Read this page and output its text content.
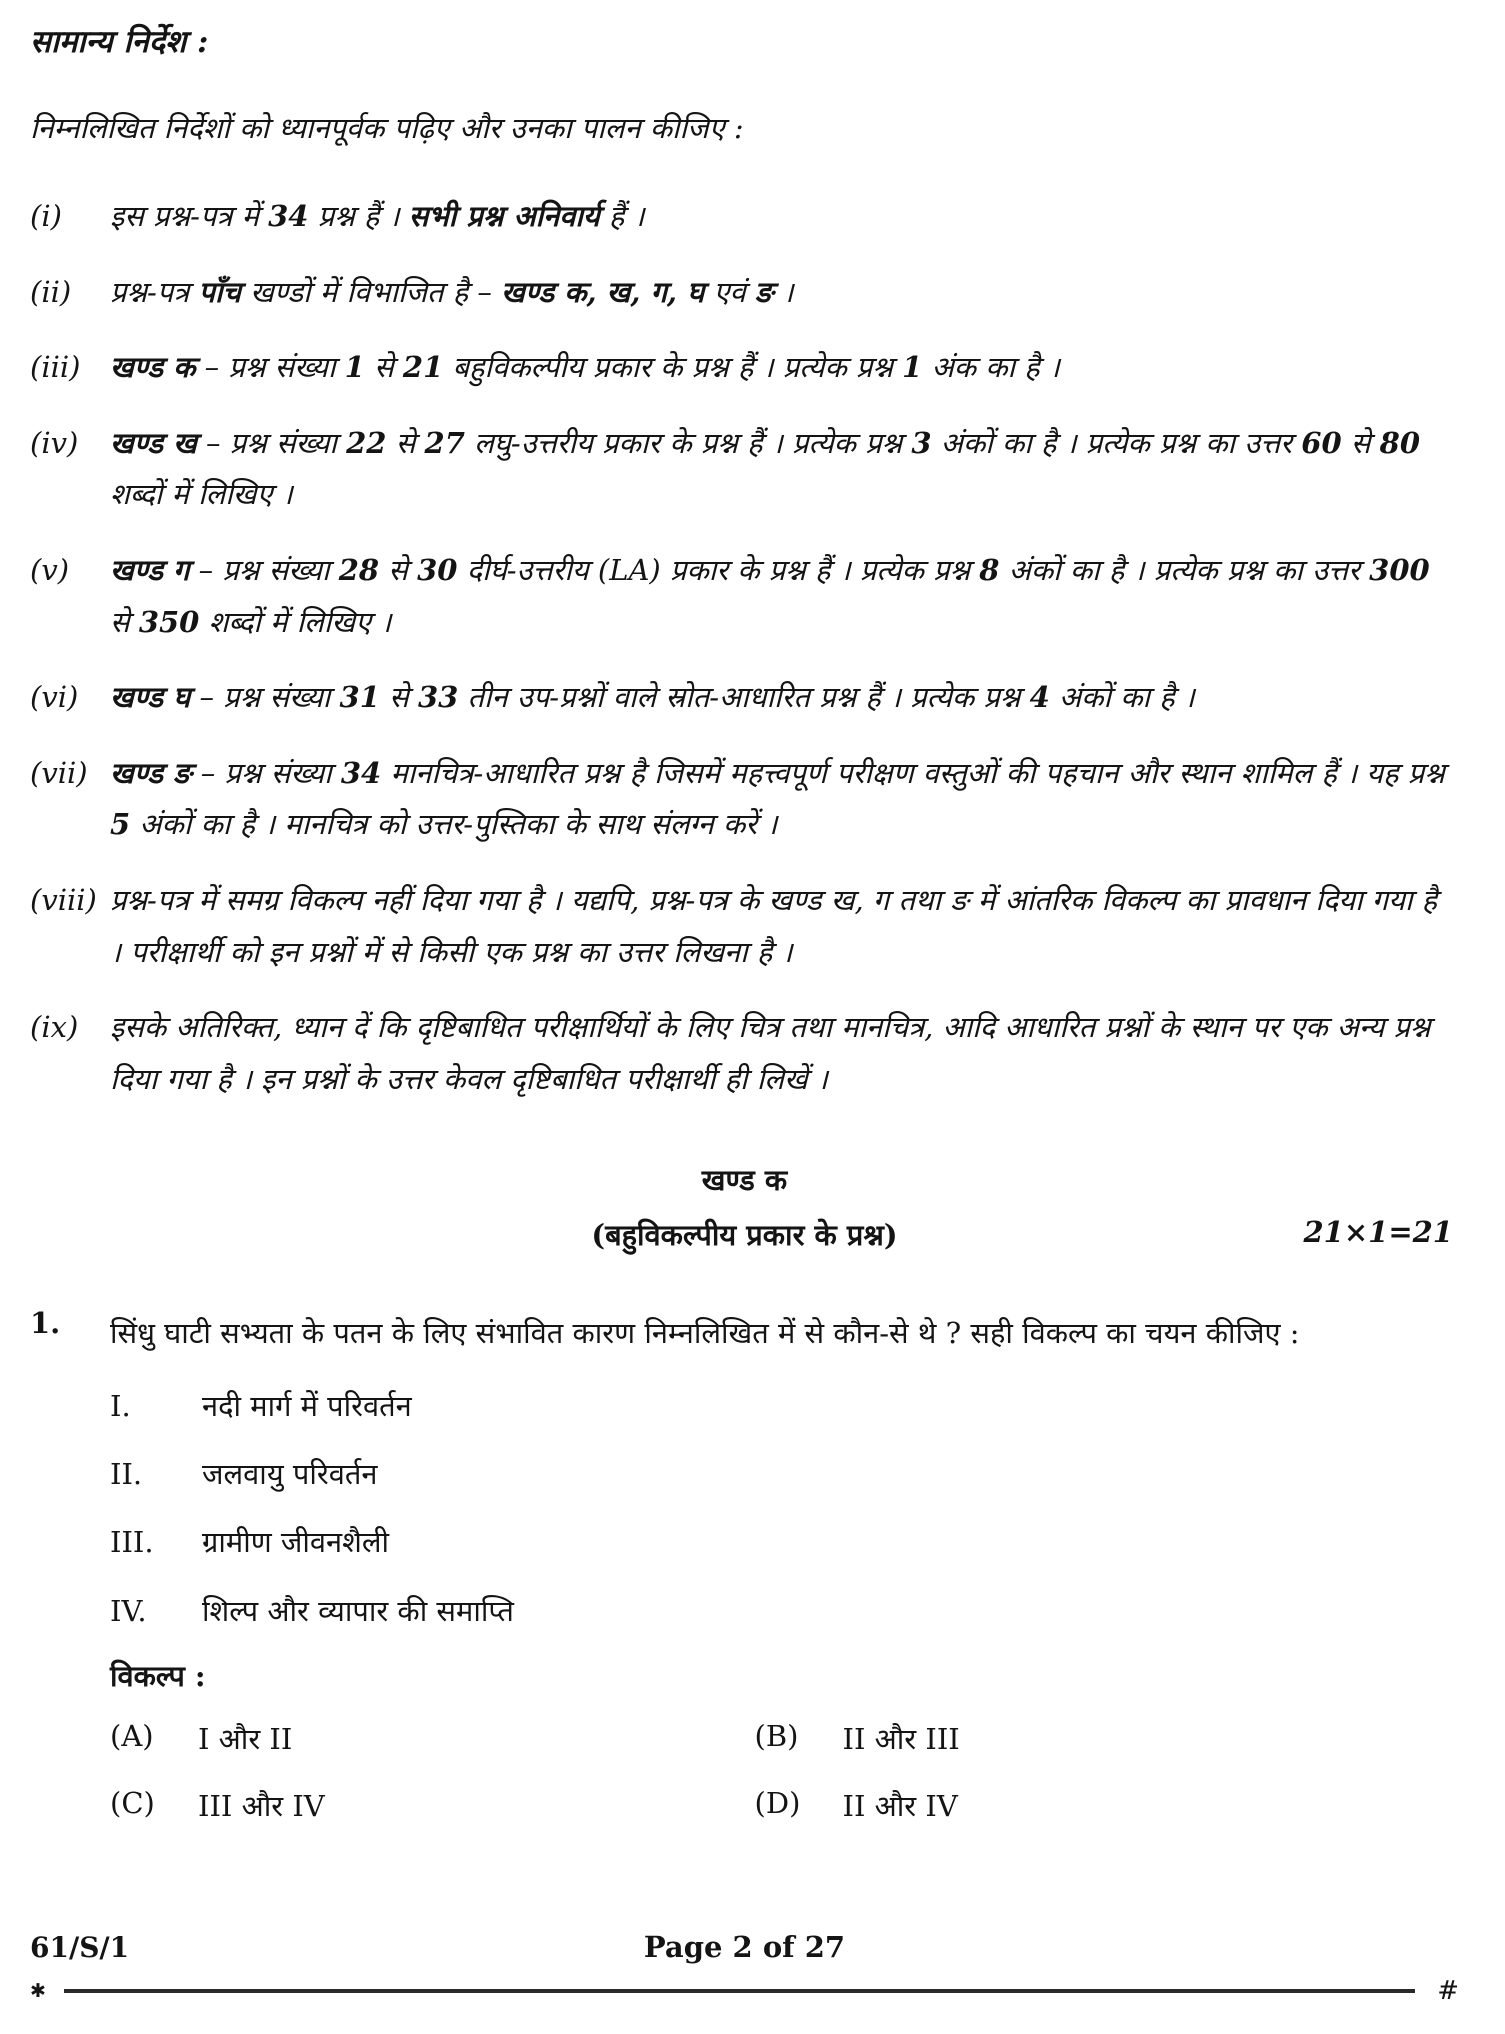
सामान्य निर्देश :

निम्नलिखित निर्देशों को ध्यानपूर्वक पढ़िए और उनका पालन कीजिए :

(i)	इस प्रश्न-पत्र में 34 प्रश्न हैं । सभी प्रश्न अनिवार्य हैं ।
(ii)	प्रश्न-पत्र पाँच खण्डों में विभाजित है – खण्ड क, ख, ग, घ एवं ङ ।
(iii)	खण्ड क – प्रश्न संख्या 1 से 21 बहुविकल्पीय प्रकार के प्रश्न हैं । प्रत्येक प्रश्न 1 अंक का है ।
(iv)	खण्ड ख – प्रश्न संख्या 22 से 27 लघु-उत्तरीय प्रकार के प्रश्न हैं । प्रत्येक प्रश्न 3 अंकों का है । प्रत्येक प्रश्न का उत्तर 60 से 80 शब्दों में लिखिए ।
(v)	खण्ड ग – प्रश्न संख्या 28 से 30 दीर्घ-उत्तरीय (LA) प्रकार के प्रश्न हैं । प्रत्येक प्रश्न 8 अंकों का है । प्रत्येक प्रश्न का उत्तर 300 से 350 शब्दों में लिखिए ।
(vi)	खण्ड घ – प्रश्न संख्या 31 से 33 तीन उप-प्रश्नों वाले स्रोत-आधारित प्रश्न हैं । प्रत्येक प्रश्न 4 अंकों का है ।
(vii) खण्ड ङ – प्रश्न संख्या 34 मानचित्र-आधारित प्रश्न है जिसमें महत्त्वपूर्ण परीक्षण वस्तुओं की पहचान और स्थान शामिल हैं । यह प्रश्न 5 अंकों का है । मानचित्र को उत्तर-पुस्तिका के साथ संलग्न करें ।
(viii) प्रश्न-पत्र में समग्र विकल्प नहीं दिया गया है । यद्यपि, प्रश्न-पत्र के खण्ड ख, ग तथा ङ में आंतरिक विकल्प का प्रावधान दिया गया है । परीक्षार्थी को इन प्रश्नों में से किसी एक प्रश्न का उत्तर लिखना है ।
(ix)	इसके अतिरिक्त, ध्यान दें कि दृष्टिबाधित परीक्षार्थियों के लिए चित्र तथा मानचित्र, आदि आधारित प्रश्नों के स्थान पर एक अन्य प्रश्न दिया गया है । इन प्रश्नों के उत्तर केवल दृष्टिबाधित परीक्षार्थी ही लिखें ।
खण्ड क
(बहुविकल्पीय प्रकार के प्रश्न)	21×1=21
1.	सिंधु घाटी सभ्यता के पतन के लिए संभावित कारण निम्नलिखित में से कौन-से थे ? सही विकल्प का चयन कीजिए :
I.	नदी मार्ग में परिवर्तन
II.	जलवायु परिवर्तन
III.	ग्रामीण जीवनशैली
IV.	शिल्प और व्यापार की समाप्ति
विकल्प :
(A)	I और II	(B)	II और III
(C)	III और IV	(D)	II और IV
61/S/1	Page 2 of 27
✱	#
